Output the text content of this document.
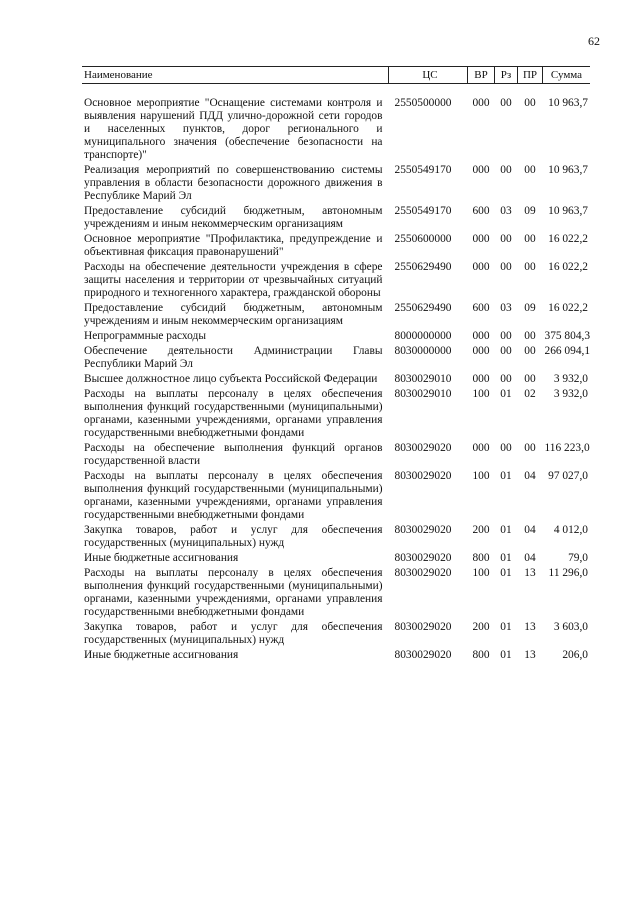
62
Наименование	ЦС	ВР	Рз	ПР	Сумма
Основное мероприятие "Оснащение системами контроля и выявления нарушений ПДД улично-дорожной сети городов и населенных пунктов, дорог регионального и муниципального значения (обеспечение безопасности на транспорте)"	2550500000	000	00	00	10 963,7
Реализация мероприятий по совершенствованию системы управления в области безопасности дорожного движения в Республике Марий Эл	2550549170	000	00	00	10 963,7
Предоставление субсидий бюджетным, автономным учреждениям и иным некоммерческим организациям	2550549170	600	03	09	10 963,7
Основное мероприятие "Профилактика, предупреждение и объективная фиксация правонарушений"	2550600000	000	00	00	16 022,2
Расходы на обеспечение деятельности учреждения в сфере защиты населения и территории от чрезвычайных ситуаций природного и техногенного характера, гражданской обороны	2550629490	000	00	00	16 022,2
Предоставление субсидий бюджетным, автономным учреждениям и иным некоммерческим организациям	2550629490	600	03	09	16 022,2
Непрограммные расходы	8000000000	000	00	00	375 804,3
Обеспечение деятельности Администрации Главы Республики Марий Эл	8030000000	000	00	00	266 094,1
Высшее должностное лицо субъекта Российской Федерации	8030029010	000	00	00	3 932,0
Расходы на выплаты персоналу в целях обеспечения выполнения функций государственными (муниципальными) органами, казенными учреждениями, органами управления государственными внебюджетными фондами	8030029010	100	01	02	3 932,0
Расходы на обеспечение выполнения функций органов государственной власти	8030029020	000	00	00	116 223,0
Расходы на выплаты персоналу в целях обеспечения выполнения функций государственными (муниципальными) органами, казенными учреждениями, органами управления государственными внебюджетными фондами	8030029020	100	01	04	97 027,0
Закупка товаров, работ и услуг для обеспечения государственных (муниципальных) нужд	8030029020	200	01	04	4 012,0
Иные бюджетные ассигнования	8030029020	800	01	04	79,0
Расходы на выплаты персоналу в целях обеспечения выполнения функций государственными (муниципальными) органами, казенными учреждениями, органами управления государственными внебюджетными фондами	8030029020	100	01	13	11 296,0
Закупка товаров, работ и услуг для обеспечения государственных (муниципальных) нужд	8030029020	200	01	13	3 603,0
Иные бюджетные ассигнования	8030029020	800	01	13	206,0
